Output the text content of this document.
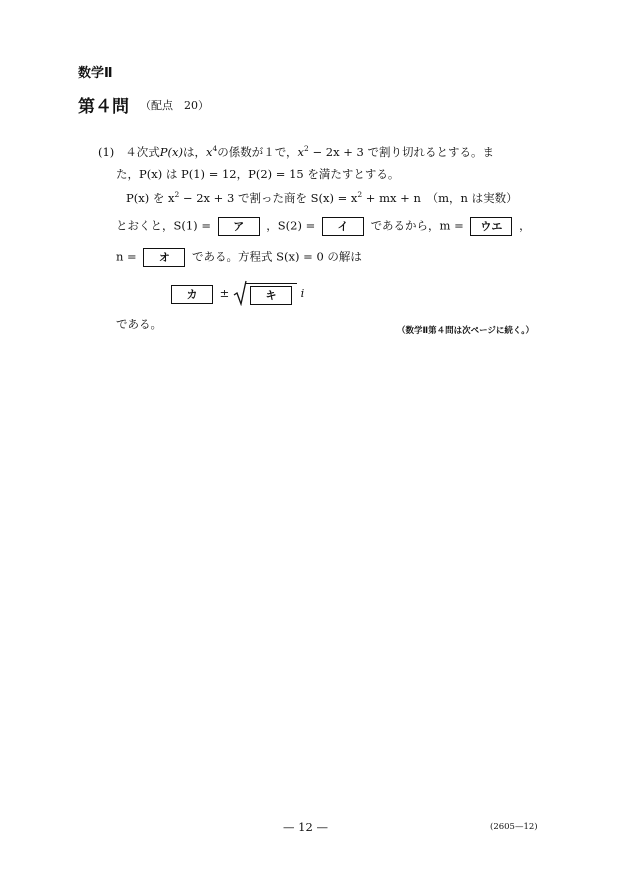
数学Ⅱ
第４問 （配点　20）
(1) ４次式P(x)は，$x^4$の係数が１で，$x^2 - 2x + 3$ で割り切れるとする。ま
た，P(x) は P(1) = 12，P(2) = 15 を満たすとする。
P(x) を $x^2 - 2x + 3$ で割った商を $S(x) = x^2$ + mx + n　（m，n は実数）
とおくと，S(1) = ア ，S(2) = イ であるから，m = ウエ ，
n = オ である。方程式 S(x) = 0 の解は
カ ±	キ i
である。	（数学Ⅱ第４問は次ページに続く。）
— 12 —	(2605—12)
